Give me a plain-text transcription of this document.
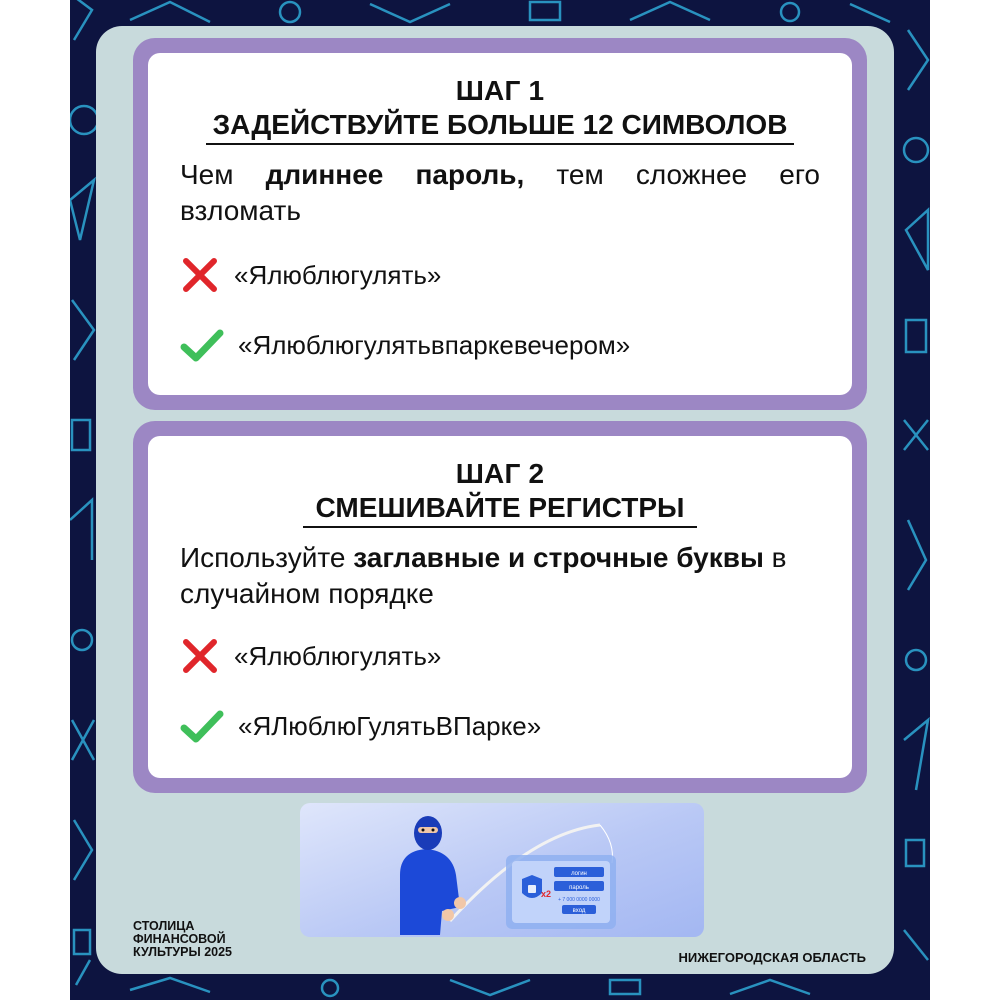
ШАГ 1
ЗАДЕЙСТВУЙТЕ БОЛЬШЕ 12 СИМВОЛОВ
Чем длиннее пароль, тем сложнее его взломать
«Ялюблюгулять»
«Ялюблюгулятьвпаркевечером»
ШАГ 2
СМЕШИВАЙТЕ РЕГИСТРЫ
Используйте заглавные и строчные буквы в случайном порядке
«Ялюблюгулять»
«ЯЛюблюГулятьВПарке»
логин
пароль
+ 7 000 0000 0000
вход
x2
СТОЛИЦА
ФИНАНСОВОЙ
КУЛЬТУРЫ 2025	НИЖЕГОРОДСКАЯ ОБЛАСТЬ
